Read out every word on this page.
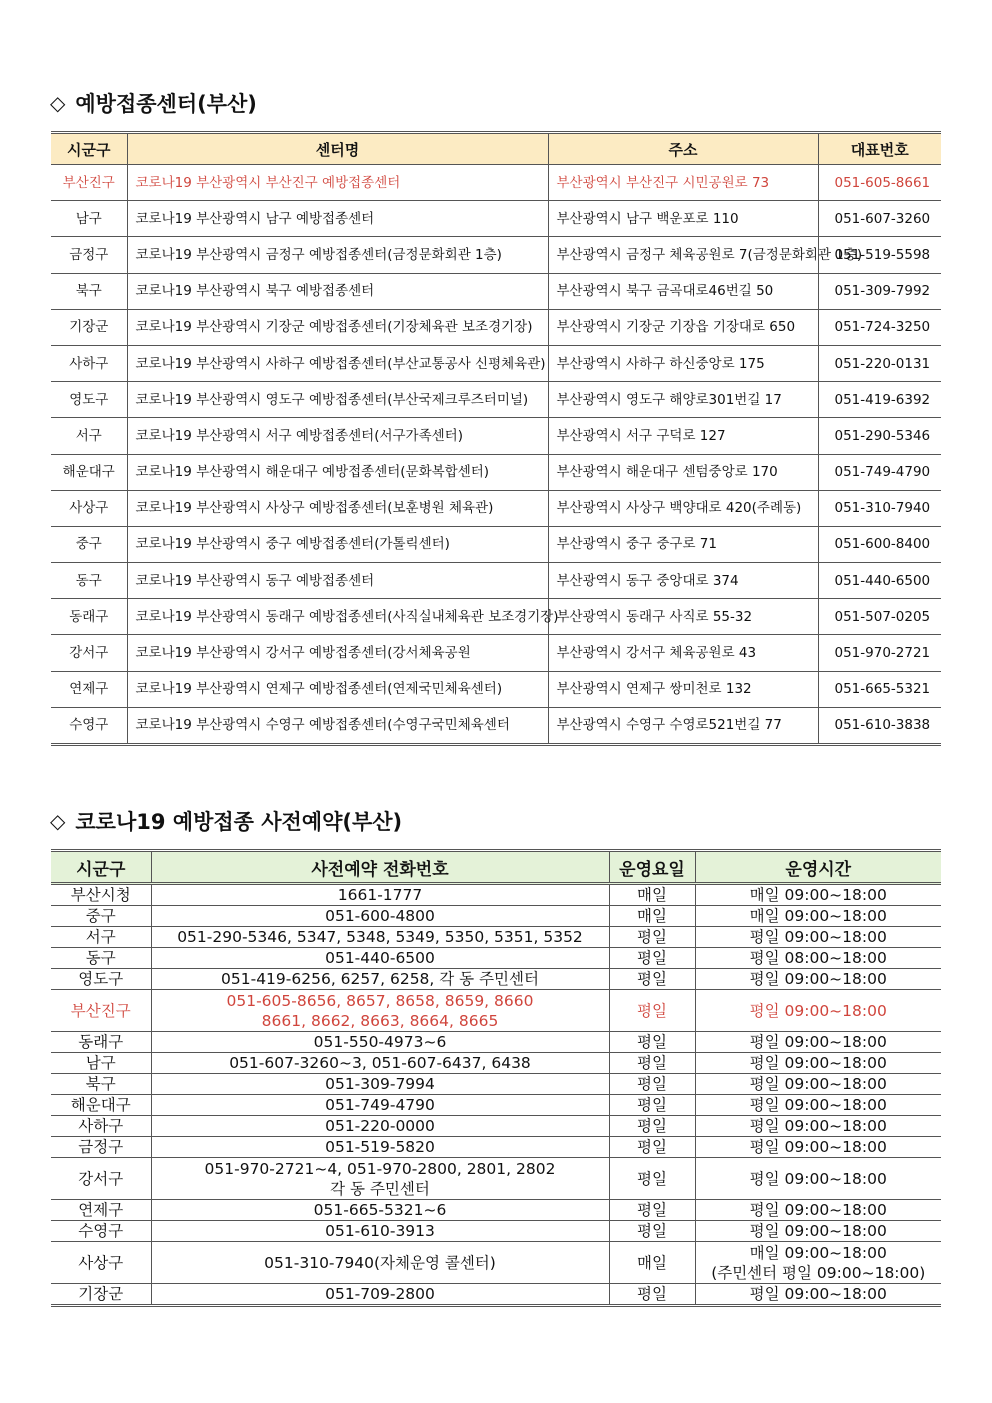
◇ 예방접종센터(부산)
시군구	센터명	주소	대표번호
부산진구	코로나19 부산광역시 부산진구 예방접종센터	부산광역시 부산진구 시민공원로 73	051-605-8661
남구	코로나19 부산광역시 남구 예방접종센터	부산광역시 남구 백운포로 110	051-607-3260
금정구	코로나19 부산광역시 금정구 예방접종센터(금정문화회관 1층)	부산광역시 금정구 체육공원로 7(금정문화회관 1층)	051-519-5598
북구	코로나19 부산광역시 북구 예방접종센터	부산광역시 북구 금곡대로46번길 50	051-309-7992
기장군	코로나19 부산광역시 기장군 예방접종센터(기장체육관 보조경기장)	부산광역시 기장군 기장읍 기장대로 650	051-724-3250
사하구	코로나19 부산광역시 사하구 예방접종센터(부산교통공사 신평체육관)	부산광역시 사하구 하신중앙로 175	051-220-0131
영도구	코로나19 부산광역시 영도구 예방접종센터(부산국제크루즈터미널)	부산광역시 영도구 해양로301번길 17	051-419-6392
서구	코로나19 부산광역시 서구 예방접종센터(서구가족센터)	부산광역시 서구 구덕로 127	051-290-5346
해운대구	코로나19 부산광역시 해운대구 예방접종센터(문화복합센터)	부산광역시 해운대구 센텀중앙로 170	051-749-4790
사상구	코로나19 부산광역시 사상구 예방접종센터(보훈병원 체육관)	부산광역시 사상구 백양대로 420(주례동)	051-310-7940
중구	코로나19 부산광역시 중구 예방접종센터(가톨릭센터)	부산광역시 중구 중구로 71	051-600-8400
동구	코로나19 부산광역시 동구 예방접종센터	부산광역시 동구 중앙대로 374	051-440-6500
동래구	코로나19 부산광역시 동래구 예방접종센터(사직실내체육관 보조경기장)	부산광역시 동래구 사직로 55-32	051-507-0205
강서구	코로나19 부산광역시 강서구 예방접종센터(강서체육공원	부산광역시 강서구 체육공원로 43	051-970-2721
연제구	코로나19 부산광역시 연제구 예방접종센터(연제국민체육센터)	부산광역시 연제구 쌍미천로 132	051-665-5321
수영구	코로나19 부산광역시 수영구 예방접종센터(수영구국민체육센터	부산광역시 수영구 수영로521번길 77	051-610-3838
◇ 코로나19 예방접종 사전예약(부산)
시군구	사전예약 전화번호	운영요일	운영시간
부산시청	1661-1777	매일	매일 09:00~18:00

중구	051-600-4800	매일	매일 09:00~18:00

서구	051-290-5346, 5347, 5348, 5349, 5350, 5351, 5352	평일	평일 09:00~18:00

동구	051-440-6500	평일	평일 08:00~18:00

영도구	051-419-6256, 6257, 6258, 각 동 주민센터	평일	평일 09:00~18:00

부산진구	051-605-8656, 8657, 8658, 8659, 8660
8661, 8662, 8663, 8664, 8665	평일	평일 09:00~18:00

동래구	051-550-4973~6	평일	평일 09:00~18:00

남구	051-607-3260~3, 051-607-6437, 6438	평일	평일 09:00~18:00

북구	051-309-7994	평일	평일 09:00~18:00

해운대구	051-749-4790	평일	평일 09:00~18:00

사하구	051-220-0000	평일	평일 09:00~18:00

금정구	051-519-5820	평일	평일 09:00~18:00

강서구	051-970-2721~4, 051-970-2800, 2801, 2802
각 동 주민센터	평일	평일 09:00~18:00

연제구	051-665-5321~6	평일	평일 09:00~18:00

수영구	051-610-3913	평일	평일 09:00~18:00

사상구	051-310-7940(자체운영 콜센터)	매일	매일 09:00~18:00
(주민센터 평일 09:00~18:00)

기장군	051-709-2800	평일	평일 09:00~18:00
